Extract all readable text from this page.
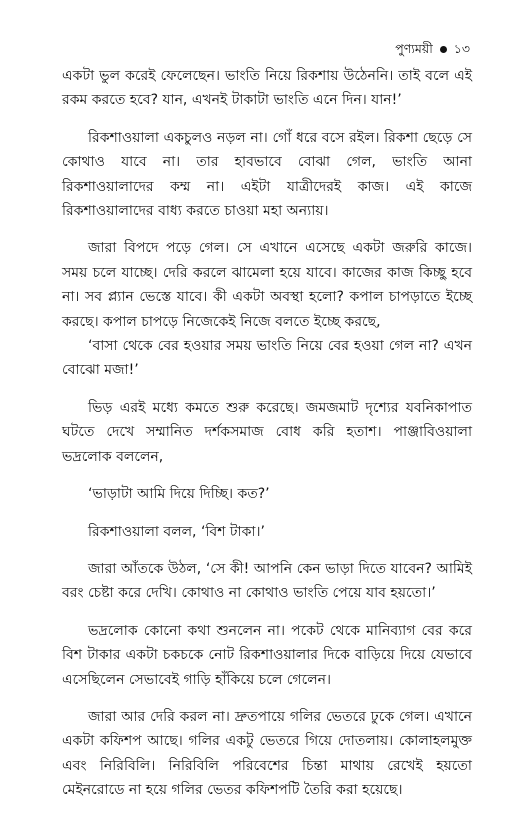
পুণ্যময়ী ১৩

একটা ভুল করেই ফেলেছেন। ভাংতি নিয়ে রিকশায় উঠেননি। তাই বলে এই রকম করতে হবে? যান, এখনই টাকাটা ভাংতি এনে দিন। যান!’

রিকশাওয়ালা একচুলও নড়ল না। গোঁ ধরে বসে রইল। রিকশা ছেড়ে সে কোথাও যাবে না। তার হাবভাবে বোঝা গেল, ভাংতি আনা রিকশাওয়ালাদের কম্ম না। এইটা যাত্রীদেরই কাজ। এই কাজে রিকশাওয়ালাদের বাধ্য করতে চাওয়া মহা অন্যায়।

জারা বিপদে পড়ে গেল। সে এখানে এসেছে একটা জরুরি কাজে। সময় চলে যাচ্ছে। দেরি করলে ঝামেলা হয়ে যাবে। কাজের কাজ কিচ্ছু হবে না। সব প্ল্যান ভেস্তে যাবে। কী একটা অবস্থা হলো? কপাল চাপড়াতে ইচ্ছে করছে। কপাল চাপড়ে নিজেকেই নিজে বলতে ইচ্ছে করছে,

‘বাসা থেকে বের হওয়ার সময় ভাংতি নিয়ে বের হওয়া গেল না? এখন বোঝো মজা!’

ভিড় এরই মধ্যে কমতে শুরু করেছে। জমজমাট দৃশ্যের যবনিকাপাত ঘটতে দেখে সম্মানিত দর্শকসমাজ বোধ করি হতাশ। পাঞ্জাবিওয়ালা ভদ্রলোক বললেন,

‘ভাড়াটা আমি দিয়ে দিচ্ছি। কত?’

রিকশাওয়ালা বলল, ‘বিশ টাকা।’

জারা আঁতকে উঠল, ‘সে কী! আপনি কেন ভাড়া দিতে যাবেন? আমিই বরং চেষ্টা করে দেখি। কোথাও না কোথাও ভাংতি পেয়ে যাব হয়তো।’

ভদ্রলোক কোনো কথা শুনলেন না। পকেট থেকে মানিব্যাগ বের করে বিশ টাকার একটা চকচকে নোট রিকশাওয়ালার দিকে বাড়িয়ে দিয়ে যেভাবে এসেছিলেন সেভাবেই গাড়ি হাঁকিয়ে চলে গেলেন।

জারা আর দেরি করল না। দ্রুতপায়ে গলির ভেতরে ঢুকে গেল। এখানে একটা কফিশপ আছে। গলির একটু ভেতরে গিয়ে দোতলায়। কোলাহলমুক্ত এবং নিরিবিলি। নিরিবিলি পরিবেশের চিন্তা মাথায় রেখেই হয়তো মেইনরোডে না হয়ে গলির ভেতর কফিশপটি তৈরি করা হয়েছে।
